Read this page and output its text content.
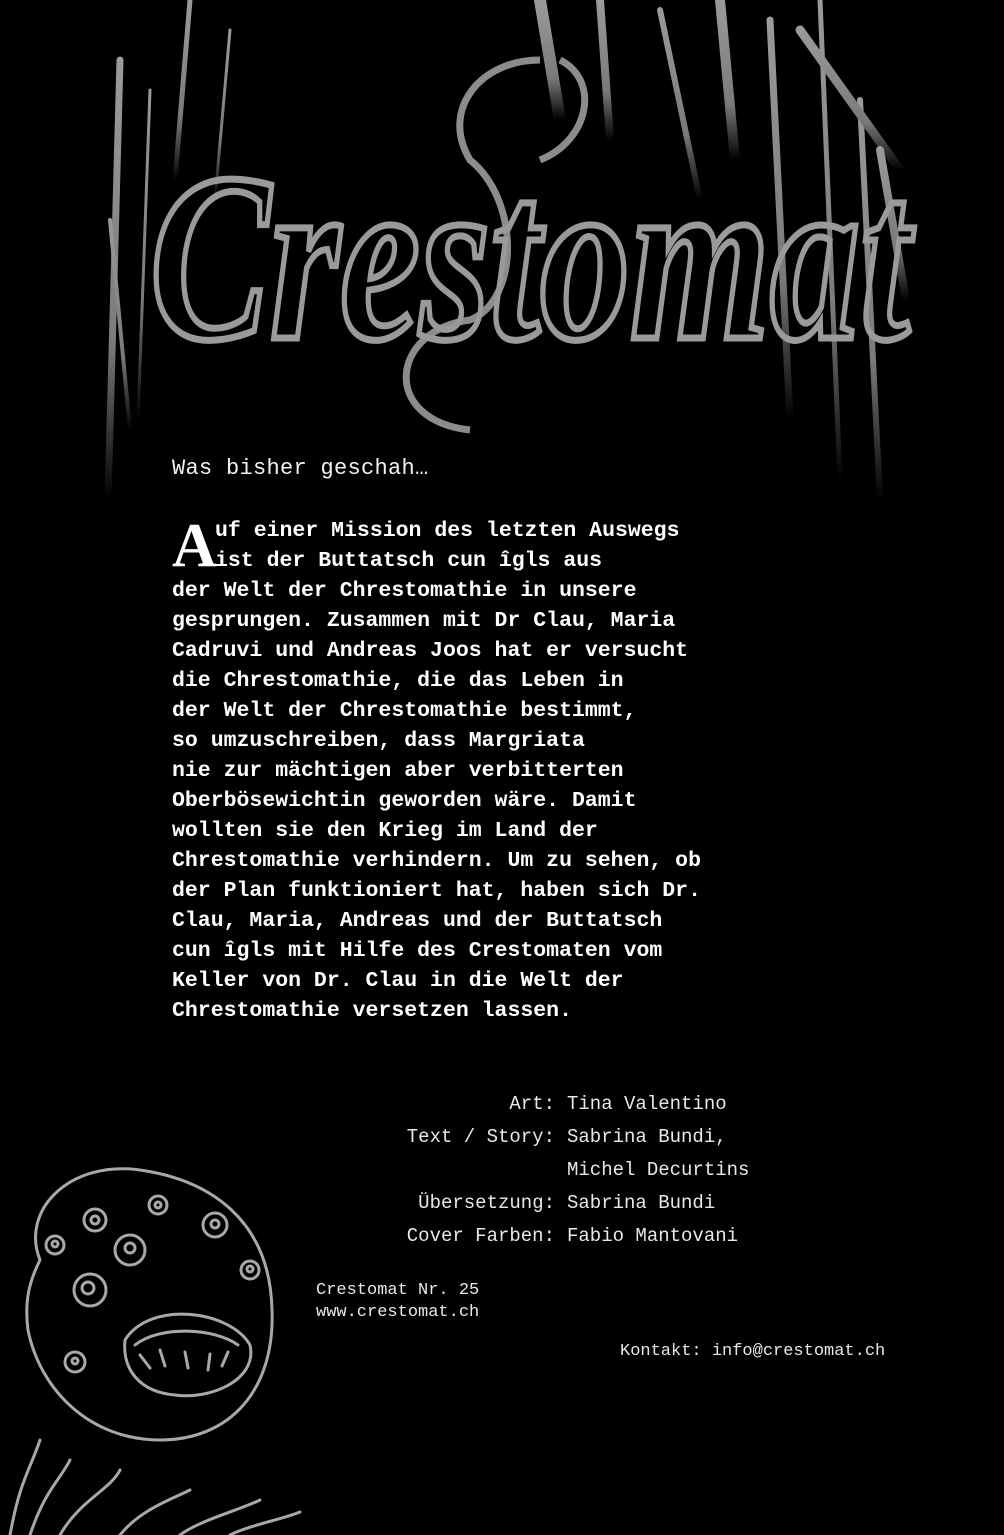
Crestomat
Was bisher geschah…
A
uf einer Mission des letzten Auswegs
ist der Buttatsch cun îgls aus
der Welt der Chrestomathie in unsere
gesprungen. Zusammen mit Dr Clau, Maria
Cadruvi und Andreas Joos hat er versucht
die Chrestomathie, die das Leben in
der Welt der Chrestomathie bestimmt,
so umzuschreiben, dass Margriata
nie zur mächtigen aber verbitterten
Oberbösewichtin geworden wäre. Damit
wollten sie den Krieg im Land der
Chrestomathie verhindern. Um zu sehen, ob
der Plan funktioniert hat, haben sich Dr.
Clau, Maria, Andreas und der Buttatsch
cun îgls mit Hilfe des Crestomaten vom
Keller von Dr. Clau in die Welt der
Chrestomathie versetzen lassen.
Art: Tina Valentino
Text / Story: Sabrina Bundi,
Michel Decurtins
Übersetzung: Sabrina Bundi
Cover Farben: Fabio Mantovani
Crestomat Nr. 25
www.crestomat.ch
Kontakt: info@crestomat.ch
